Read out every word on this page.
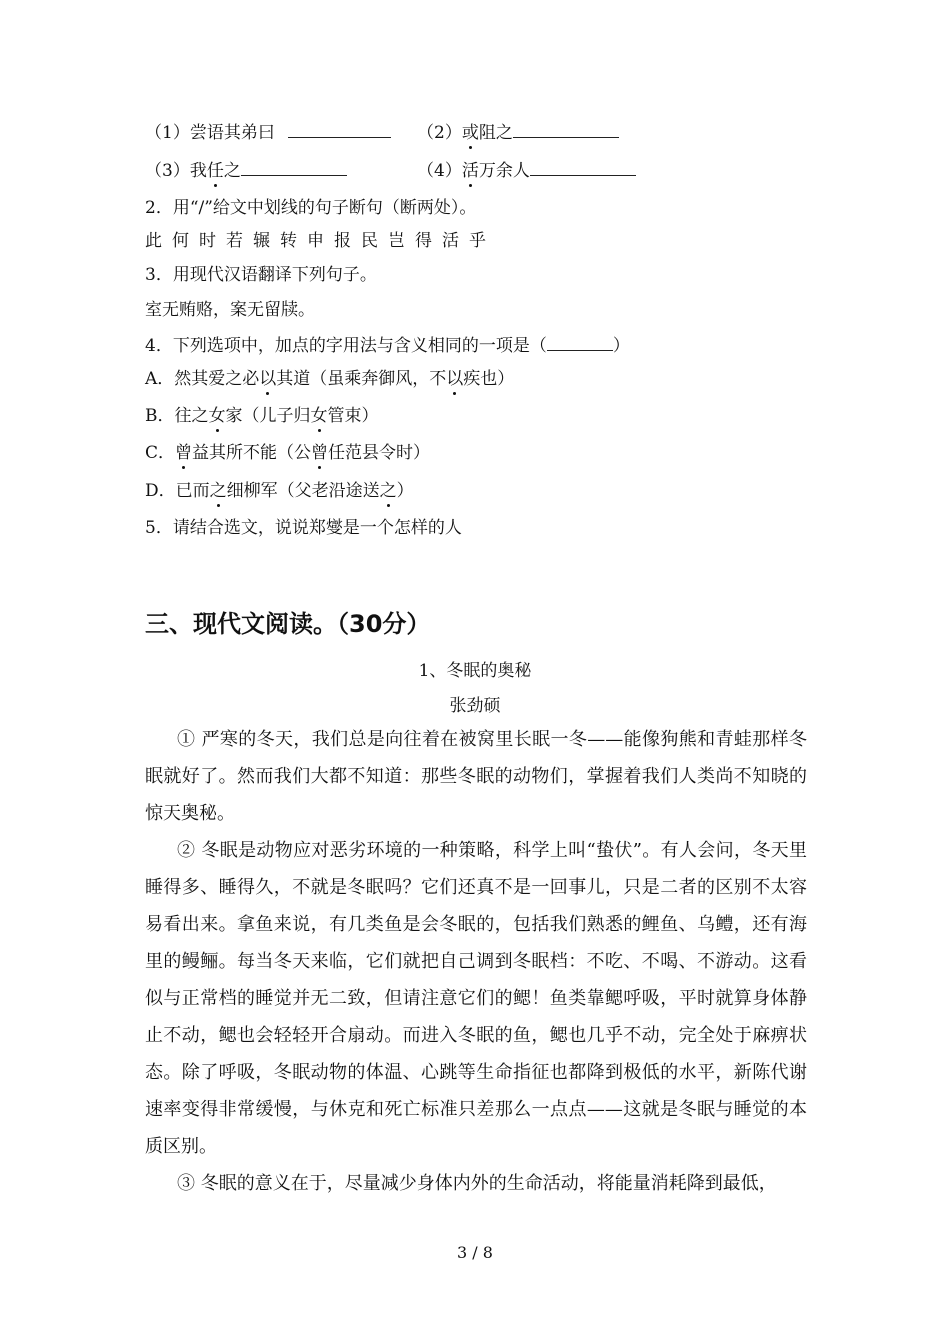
（1）尝语其弟曰	（2）或阻之
（3）我任之	（4）活万余人
2．用“/”给文中划线的句子断句（断两处）。
此何时若辗转申报民岂得活乎
3．用现代汉语翻译下列句子。
室无贿赂，案无留牍。
4．下列选项中，加点的字用法与含义相同的一项是（	）
A．然其爱之必以其道（虽乘奔御风，不以疾也）
B．往之女家（儿子归女管束）
C．曾益其所不能（公曾任范县令时）
D．已而之细柳军（父老沿途送之）
5．请结合选文，说说郑燮是一个怎样的人
三、现代文阅读。（30分）
1、冬眠的奥秘
张劲硕
① 严寒的冬天，我们总是向往着在被窝里长眠一冬——能像狗熊和青蛙那样冬眠就好了。然而我们大都不知道：那些冬眠的动物们，掌握着我们人类尚不知晓的惊天奥秘。
② 冬眠是动物应对恶劣环境的一种策略，科学上叫“蛰伏”。有人会问，冬天里睡得多、睡得久，不就是冬眠吗？它们还真不是一回事儿，只是二者的区别不太容易看出来。拿鱼来说，有几类鱼是会冬眠的，包括我们熟悉的鲤鱼、乌鳢，还有海里的鳗鲡。每当冬天来临，它们就把自己调到冬眠档：不吃、不喝、不游动。这看似与正常档的睡觉并无二致，但请注意它们的鳃！鱼类靠鳃呼吸，平时就算身体静止不动，鳃也会轻轻开合扇动。而进入冬眠的鱼，鳃也几乎不动，完全处于麻痹状态。除了呼吸，冬眠动物的体温、心跳等生命指征也都降到极低的水平，新陈代谢速率变得非常缓慢，与休克和死亡标准只差那么一点点——这就是冬眠与睡觉的本质区别。
③ 冬眠的意义在于，尽量减少身体内外的生命活动，将能量消耗降到最低，
3 / 8
